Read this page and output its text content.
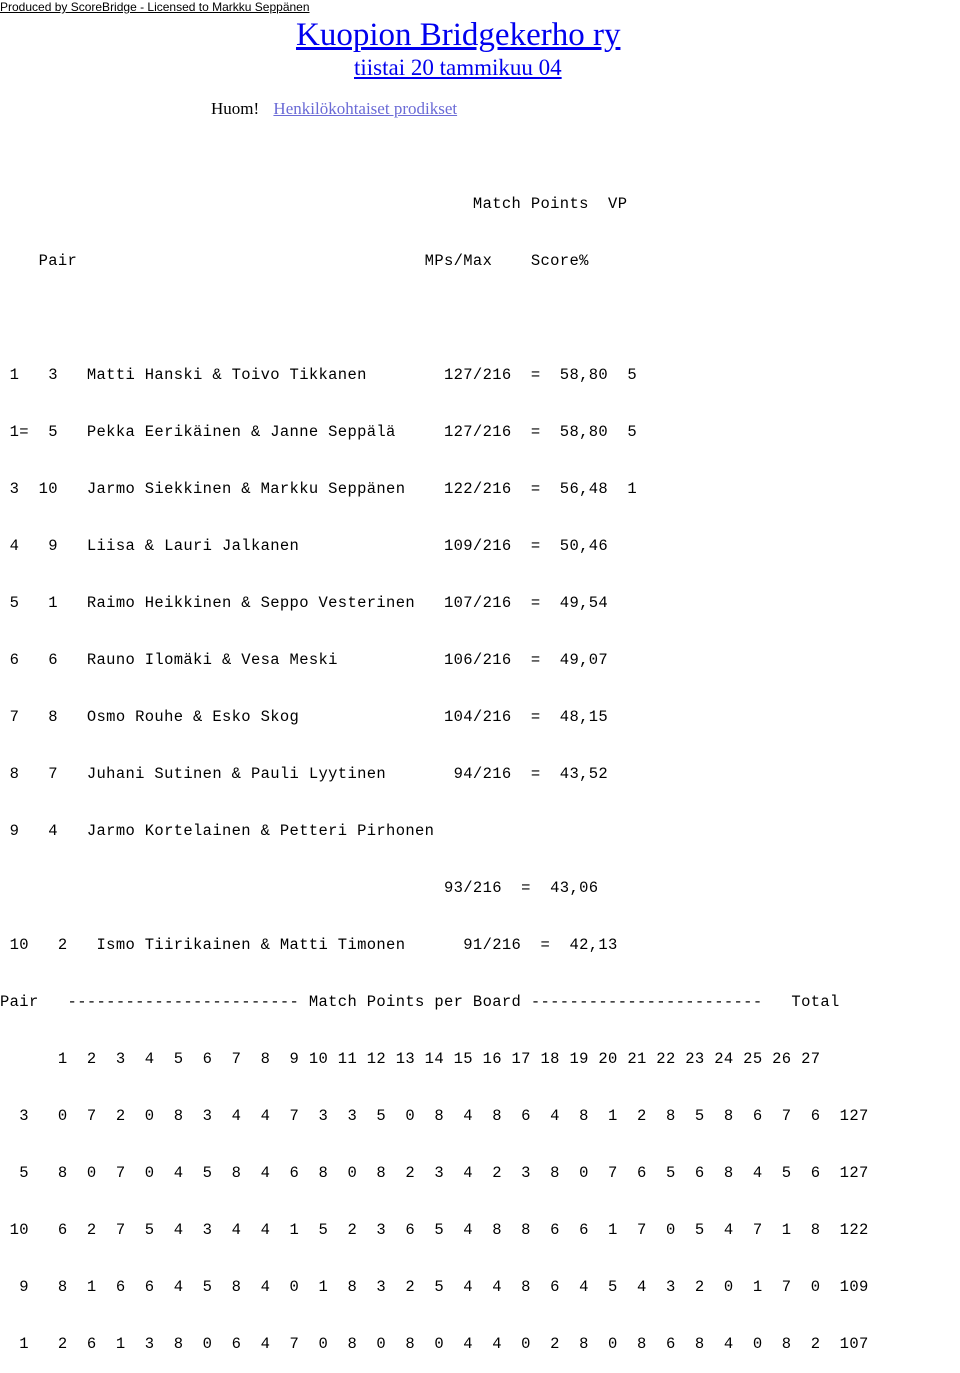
Produced by ScoreBridge - Licensed to Markku Seppänen
Kuopion Bridgekerho ry
tiistai 20 tammikuu 04
Huom! Henkilökohtaiset prodikset

Match Points  VP

Pair                                    MPs/Max    Score%

1   3   Matti Hanski & Toivo Tikkanen        127/216  =  58,80  5

1=  5   Pekka Eerikäinen & Janne Seppälä     127/216  =  58,80  5

3  10   Jarmo Siekkinen & Markku Seppänen    122/216  =  56,48  1

4   9   Liisa & Lauri Jalkanen               109/216  =  50,46

5   1   Raimo Heikkinen & Seppo Vesterinen   107/216  =  49,54

6   6   Rauno Ilomäki & Vesa Meski           106/216  =  49,07

7   8   Osmo Rouhe & Esko Skog               104/216  =  48,15

8   7   Juhani Sutinen & Pauli Lyytinen       94/216  =  43,52

9   4   Jarmo Kortelainen & Petteri Pirhonen

93/216  =  43,06

10   2   Ismo Tiirikainen & Matti Timonen      91/216  =  42,13

Pair   ------------------------ Match Points per Board ------------------------   Total

1  2  3  4  5  6  7  8  9 10 11 12 13 14 15 16 17 18 19 20 21 22 23 24 25 26 27

3   0  7  2  0  8  3  4  4  7  3  3  5  0  8  4  8  6  4  8  1  2  8  5  8  6  7  6  127

5   8  0  7  0  4  5  8  4  6  8  0  8  2  3  4  2  3  8  0  7  6  5  6  8  4  5  6  127

10   6  2  7  5  4  3  4  4  1  5  2  3  6  5  4  8  8  6  6  1  7  0  5  4  7  1  8  122

9   8  1  6  6  4  5  8  4  0  1  8  3  2  5  4  4  8  6  4  5  4  3  2  0  1  7  0  109

1   2  6  1  3  8  0  6  4  7  0  8  0  8  0  4  4  0  2  8  0  8  6  8  4  0  8  2  107
